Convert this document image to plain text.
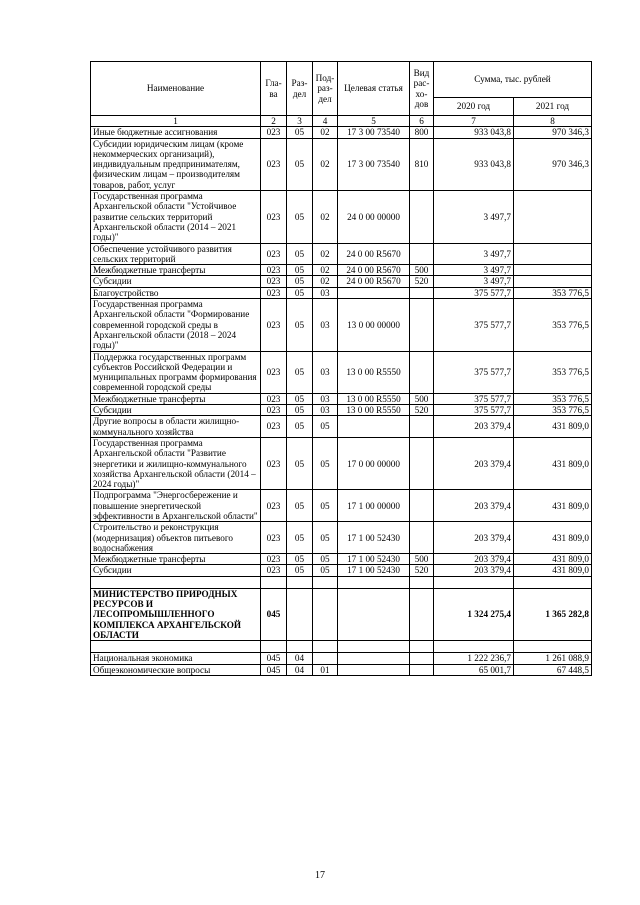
Наименование	Гла-ва	Раз-дел	Под-раз-дел	Целевая статья	Вид рас-хо-дов	Сумма, тыс. рублей	
						2020 год	2021 год
1	2	3	4	5	6	7	8
Иные бюджетные ассигнования	023	05	02	17 3 00 73540	800	933 043,8	970 346,3
Субсидии юридическим лицам (кроме некоммерческих организаций), индивидуальным предпринимателям, физическим лицам – производителям товаров, работ, услуг	023	05	02	17 3 00 73540	810	933 043,8	970 346,3
Государственная программа Архангельской области "Устойчивое развитие сельских территорий Архангельской области (2014 – 2021 годы)"	023	05	02	24 0 00 00000		3 497,7	
Обеспечение устойчивого развития сельских территорий	023	05	02	24 0 00 R5670		3 497,7	
Межбюджетные трансферты	023	05	02	24 0 00 R5670	500	3 497,7	
Субсидии	023	05	02	24 0 00 R5670	520	3 497,7	
Благоустройство	023	05	03			375 577,7	353 776,5
Государственная программа Архангельской области "Формирование современной городской среды в Архангельской области (2018 – 2024 годы)"	023	05	03	13 0 00 00000		375 577,7	353 776,5
Поддержка государственных программ субъектов Российской Федерации и муниципальных программ формирования современной городской среды	023	05	03	13 0 00 R5550		375 577,7	353 776,5
Межбюджетные трансферты	023	05	03	13 0 00 R5550	500	375 577,7	353 776,5
Субсидии	023	05	03	13 0 00 R5550	520	375 577,7	353 776,5
Другие вопросы в области жилищно-коммунального хозяйства	023	05	05			203 379,4	431 809,0
Государственная программа Архангельской области "Развитие энергетики и жилищно-коммунального хозяйства Архангельской области (2014 – 2024 годы)"	023	05	05	17 0 00 00000		203 379,4	431 809,0
Подпрограмма "Энергосбережение и повышение энергетической эффективности в Архангельской области"	023	05	05	17 1 00 00000		203 379,4	431 809,0
Строительство и реконструкция (модернизация) объектов питьевого водоснабжения	023	05	05	17 1 00 52430		203 379,4	431 809,0
Межбюджетные трансферты	023	05	05	17 1 00 52430	500	203 379,4	431 809,0
Субсидии	023	05	05	17 1 00 52430	520	203 379,4	431 809,0

МИНИСТЕРСТВО ПРИРОДНЫХ РЕСУРСОВ И ЛЕСОПРОМЫШЛЕННОГО КОМПЛЕКСА АРХАНГЕЛЬСКОЙ ОБЛАСТИ	045					1 324 275,4	1 365 282,8

Национальная экономика	045	04				1 222 236,7	1 261 088,9
Общеэкономические вопросы	045	04	01			65 001,7	67 448,5
17
